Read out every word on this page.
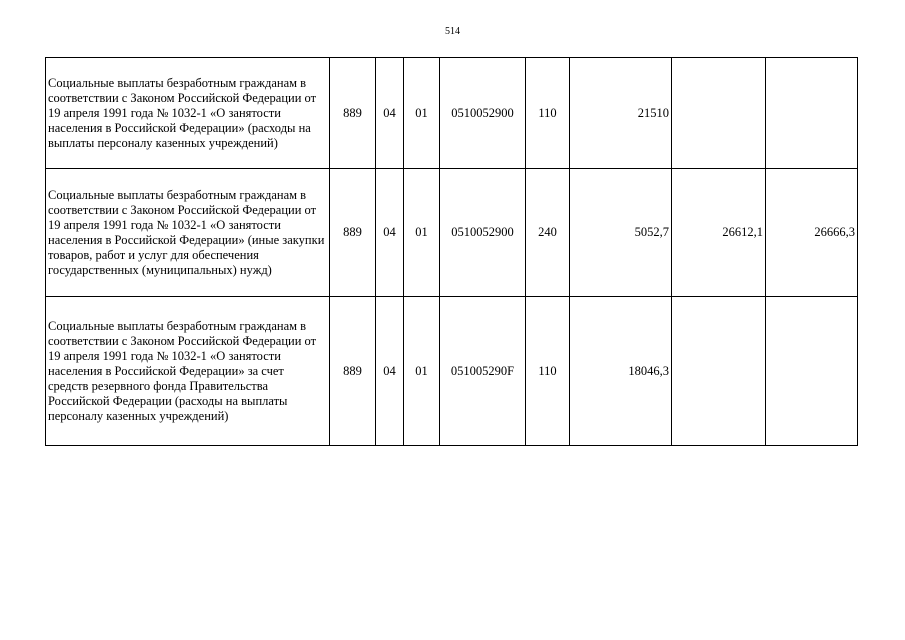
514
Социальные выплаты безработным гражданам в соответствии с Законом Российской Федерации от 19 апреля 1991 года № 1032-1 «О занятости населения в Российской Федерации» (расходы на выплаты персоналу казенных учреждений)	889	04	01	0510052900	110	21510		
Социальные выплаты безработным гражданам в соответствии с Законом Российской Федерации от 19 апреля 1991 года № 1032-1 «О занятости населения в Российской Федерации» (иные закупки товаров, работ и услуг для обеспечения государственных (муниципальных) нужд)	889	04	01	0510052900	240	5052,7	26612,1	26666,3
Социальные выплаты безработным гражданам в соответствии с Законом Российской Федерации от 19 апреля 1991 года № 1032-1 «О занятости населения в Российской Федерации» за счет средств резервного фонда Правительства Российской Федерации (расходы на выплаты персоналу казенных учреждений)	889	04	01	051005290F	110	18046,3		
